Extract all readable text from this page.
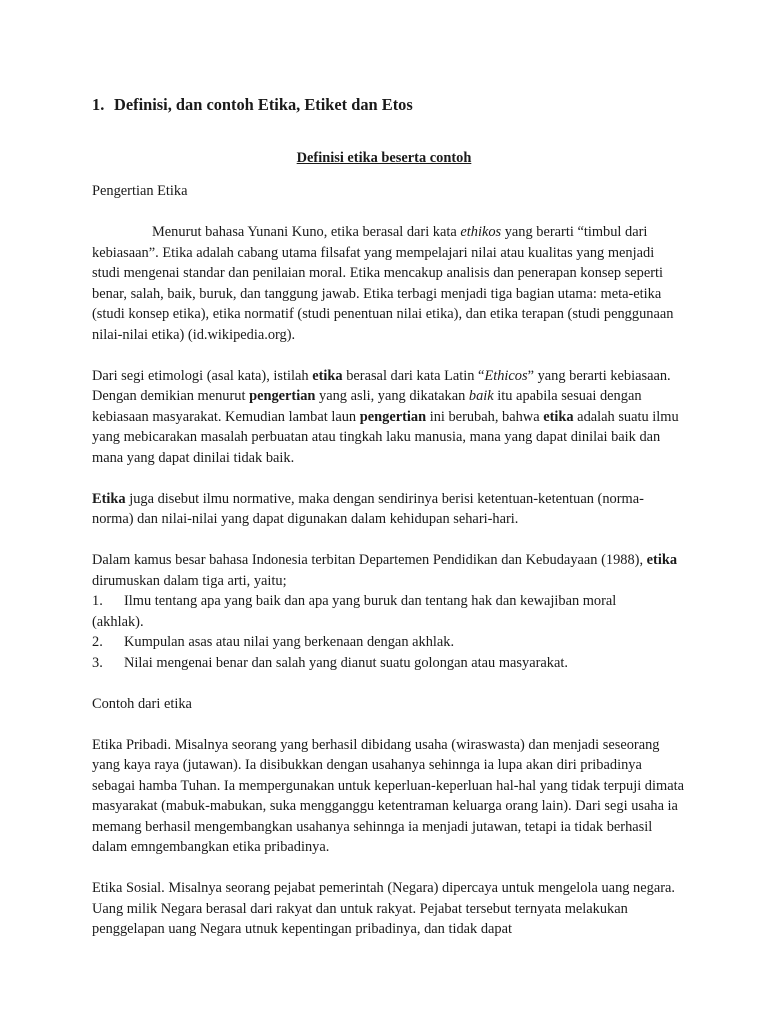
1. Definisi, dan contoh Etika, Etiket dan Etos

Definisi etika beserta contoh

Pengertian Etika

Menurut bahasa Yunani Kuno, etika berasal dari kata ethikos yang berarti “timbul dari kebiasaan”. Etika adalah cabang utama filsafat yang mempelajari nilai atau kualitas yang menjadi studi mengenai standar dan penilaian moral. Etika mencakup analisis dan penerapan konsep seperti benar, salah, baik, buruk, dan tanggung jawab. Etika terbagi menjadi tiga bagian utama: meta-etika (studi konsep etika), etika normatif (studi penentuan nilai etika), dan etika terapan (studi penggunaan nilai-nilai etika) (id.wikipedia.org).

Dari segi etimologi (asal kata), istilah etika berasal dari kata Latin “Ethicos” yang berarti kebiasaan. Dengan demikian menurut pengertian yang asli, yang dikatakan baik itu apabila sesuai dengan kebiasaan masyarakat. Kemudian lambat laun pengertian ini berubah, bahwa etika adalah suatu ilmu yang mebicarakan masalah perbuatan atau tingkah laku manusia, mana yang dapat dinilai baik dan mana yang dapat dinilai tidak baik.

Etika juga disebut ilmu normative, maka dengan sendirinya berisi ketentuan-ketentuan (norma-norma) dan nilai-nilai yang dapat digunakan dalam kehidupan sehari-hari.

Dalam kamus besar bahasa Indonesia terbitan Departemen Pendidikan dan Kebudayaan (1988), etika dirumuskan dalam tiga arti, yaitu;

1.	Ilmu tentang apa yang baik dan apa yang buruk dan tentang hak dan kewajiban moral

(akhlak).

2.	Kumpulan asas atau nilai yang berkenaan dengan akhlak.
3.	Nilai mengenai benar dan salah yang dianut suatu golongan atau masyarakat.

Contoh dari etika

Etika Pribadi. Misalnya seorang yang berhasil dibidang usaha (wiraswasta) dan menjadi seseorang yang kaya raya (jutawan). Ia disibukkan dengan usahanya sehinnga ia lupa akan diri pribadinya sebagai hamba Tuhan. Ia mempergunakan untuk keperluan-keperluan hal-hal yang tidak terpuji dimata masyarakat (mabuk-mabukan, suka mengganggu ketentraman keluarga orang lain). Dari segi usaha ia memang berhasil mengembangkan usahanya sehinnga ia menjadi jutawan, tetapi ia tidak berhasil dalam emngembangkan etika pribadinya.

Etika Sosial. Misalnya seorang pejabat pemerintah (Negara) dipercaya untuk mengelola uang negara. Uang milik Negara berasal dari rakyat dan untuk rakyat. Pejabat tersebut ternyata melakukan penggelapan uang Negara utnuk kepentingan pribadinya, dan tidak dapat
